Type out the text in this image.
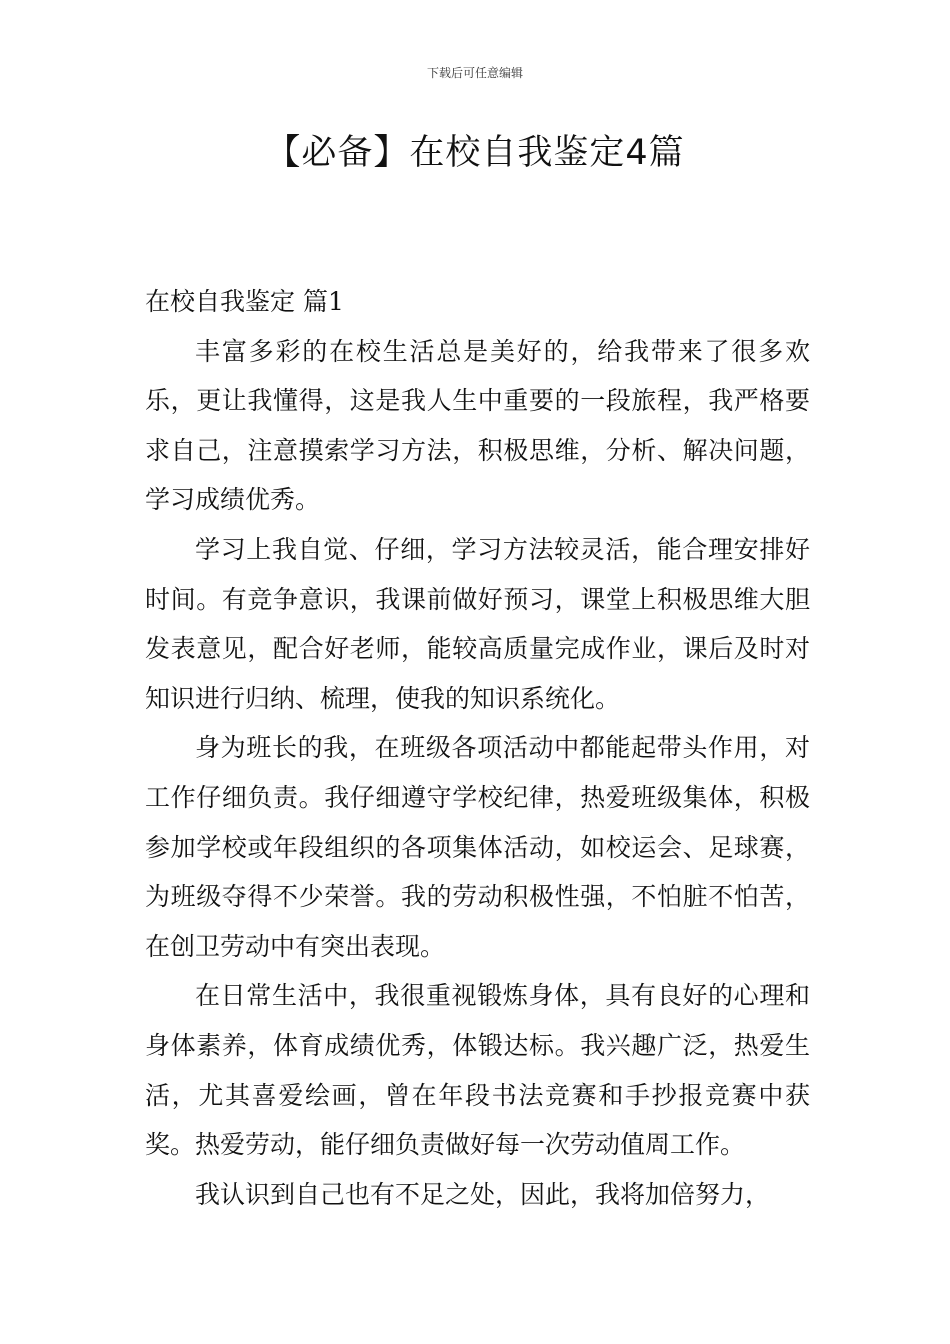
下载后可任意编辑
【必备】在校自我鉴定4篇

在校自我鉴定 篇1

丰富多彩的在校生活总是美好的，给我带来了很多欢乐，更让我懂得，这是我人生中重要的一段旅程，我严格要求自己，注意摸索学习方法，积极思维，分析、解决问题，学习成绩优秀。

学习上我自觉、仔细，学习方法较灵活，能合理安排好时间。有竞争意识，我课前做好预习，课堂上积极思维大胆发表意见，配合好老师，能较高质量完成作业，课后及时对知识进行归纳、梳理，使我的知识系统化。

身为班长的我，在班级各项活动中都能起带头作用，对工作仔细负责。我仔细遵守学校纪律，热爱班级集体，积极参加学校或年段组织的各项集体活动，如校运会、足球赛，为班级夺得不少荣誉。我的劳动积极性强，不怕脏不怕苦，在创卫劳动中有突出表现。

在日常生活中，我很重视锻炼身体，具有良好的心理和身体素养，体育成绩优秀，体锻达标。我兴趣广泛，热爱生活，尤其喜爱绘画，曾在年段书法竞赛和手抄报竞赛中获奖。热爱劳动，能仔细负责做好每一次劳动值周工作。

我认识到自己也有不足之处，因此，我将加倍努力，
